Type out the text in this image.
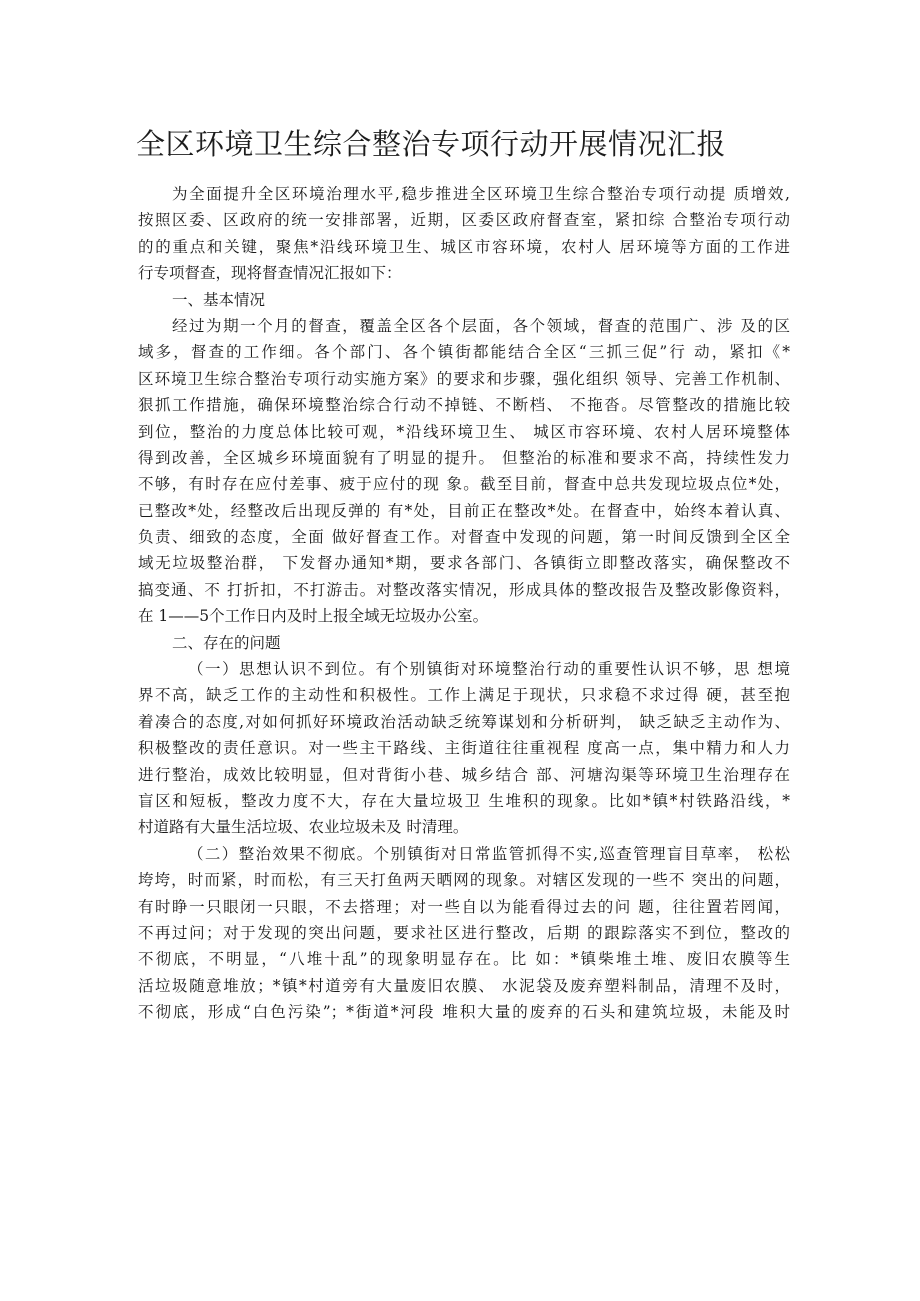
全区环境卫生综合整治专项行动开展情况汇报
为全面提升全区环境治理水平,稳步推进全区环境卫生综合整治专项行动提 质增效,
按照区委、区政府的统一安排部署，近期，区委区政府督查室，紧扣综 合整治专项行动
的的重点和关键，聚焦*沿线环境卫生、城区市容环境，农村人 居环境等方面的工作进
行专项督查，现将督查情况汇报如下：
一、基本情况
经过为期一个月的督查，覆盖全区各个层面，各个领域，督查的范围广、涉 及的区
域多，督查的工作细。各个部门、各个镇街都能结合全区“三抓三促”行 动，紧扣《*
区环境卫生综合整治专项行动实施方案》的要求和步骤，强化组织 领导、完善工作机制、
狠抓工作措施，确保环境整治综合行动不掉链、不断档、 不拖沓。尽管整改的措施比较
到位，整治的力度总体比较可观，*沿线环境卫生、 城区市容环境、农村人居环境整体
得到改善，全区城乡环境面貌有了明显的提升。 但整治的标准和要求不高，持续性发力
不够，有时存在应付差事、疲于应付的现 象。截至目前，督查中总共发现垃圾点位*处，
已整改*处，经整改后出现反弹的 有*处，目前正在整改*处。在督查中，始终本着认真、
负责、细致的态度，全面 做好督查工作。对督查中发现的问题，第一时间反馈到全区全
域无垃圾整治群， 下发督办通知*期，要求各部门、各镇街立即整改落实，确保整改不
搞变通、不 打折扣，不打游击。对整改落实情况，形成具体的整改报告及整改影像资料，
在 1——5个工作日内及时上报全域无垃圾办公室。
二、存在的问题
（一）思想认识不到位。有个别镇街对环境整治行动的重要性认识不够，思 想境
界不高，缺乏工作的主动性和积极性。工作上满足于现状，只求稳不求过得 硬，甚至抱
着凑合的态度,对如何抓好环境政治活动缺乏统筹谋划和分析研判， 缺乏缺乏主动作为、
积极整改的责任意识。对一些主干路线、主街道往往重视程 度高一点，集中精力和人力
进行整治，成效比较明显，但对背街小巷、城乡结合 部、河塘沟渠等环境卫生治理存在
盲区和短板，整改力度不大，存在大量垃圾卫 生堆积的现象。比如*镇*村铁路沿线，*
村道路有大量生活垃圾、农业垃圾未及 时清理。
（二）整治效果不彻底。个别镇街对日常监管抓得不实,巡查管理盲目草率， 松松
垮垮，时而紧，时而松，有三天打鱼两天晒网的现象。对辖区发现的一些不 突出的问题，
有时睁一只眼闭一只眼，不去搭理；对一些自以为能看得过去的问 题，往往置若罔闻，
不再过问；对于发现的突出问题，要求社区进行整改，后期 的跟踪落实不到位，整改的
不彻底，不明显，“八堆十乱”的现象明显存在。比 如：*镇柴堆土堆、废旧农膜等生
活垃圾随意堆放；*镇*村道旁有大量废旧农膜、 水泥袋及废弃塑料制品，清理不及时，
不彻底，形成“白色污染”；*街道*河段 堆积大量的废弃的石头和建筑垃圾，未能及时
